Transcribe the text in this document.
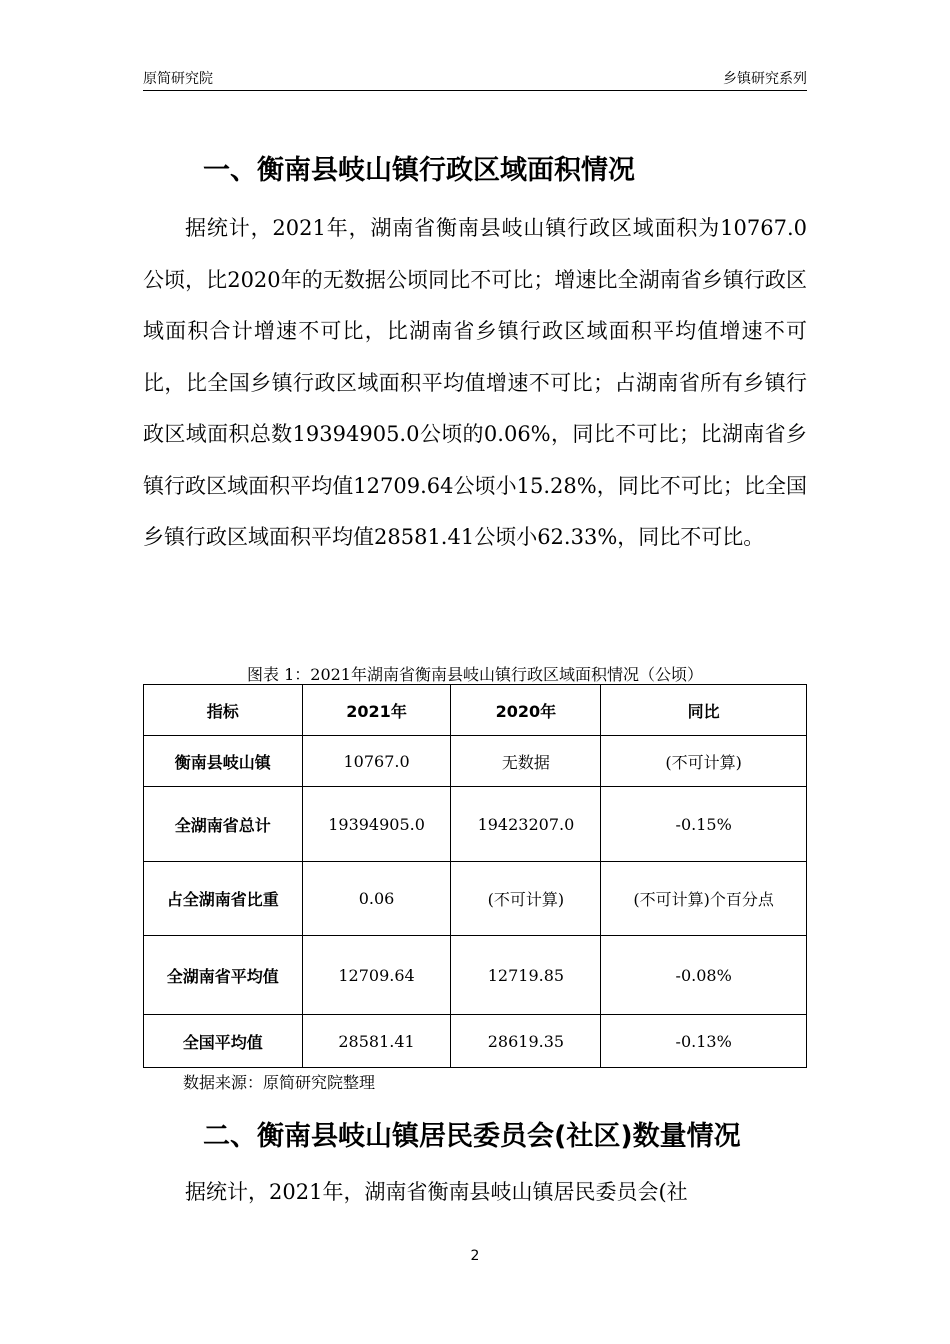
原简研究院	乡镇研究系列
一、衡南县岐山镇行政区域面积情况

据统计，2021年，湖南省衡南县岐山镇行政区域面积为10767.0公顷，比2020年的无数据公顷同比不可比；增速比全湖南省乡镇行政区域面积合计增速不可比，比湖南省乡镇行政区域面积平均值增速不可比，比全国乡镇行政区域面积平均值增速不可比；占湖南省所有乡镇行政区域面积总数19394905.0公顷的0.06%，同比不可比；比湖南省乡镇行政区域面积平均值12709.64公顷小15.28%，同比不可比；比全国乡镇行政区域面积平均值28581.41公顷小62.33%，同比不可比。

图表 1：2021年湖南省衡南县岐山镇行政区域面积情况（公顷）
指标	2021年	2020年	同比
衡南县岐山镇	10767.0	无数据	(不可计算)
全湖南省总计	19394905.0	19423207.0	-0.15%
占全湖南省比重	0.06	(不可计算)	(不可计算)个百分点
全湖南省平均值	12709.64	12719.85	-0.08%
全国平均值	28581.41	28619.35	-0.13%
数据来源：原简研究院整理
二、衡南县岐山镇居民委员会(社区)数量情况

据统计，2021年，湖南省衡南县岐山镇居民委员会(社

2
